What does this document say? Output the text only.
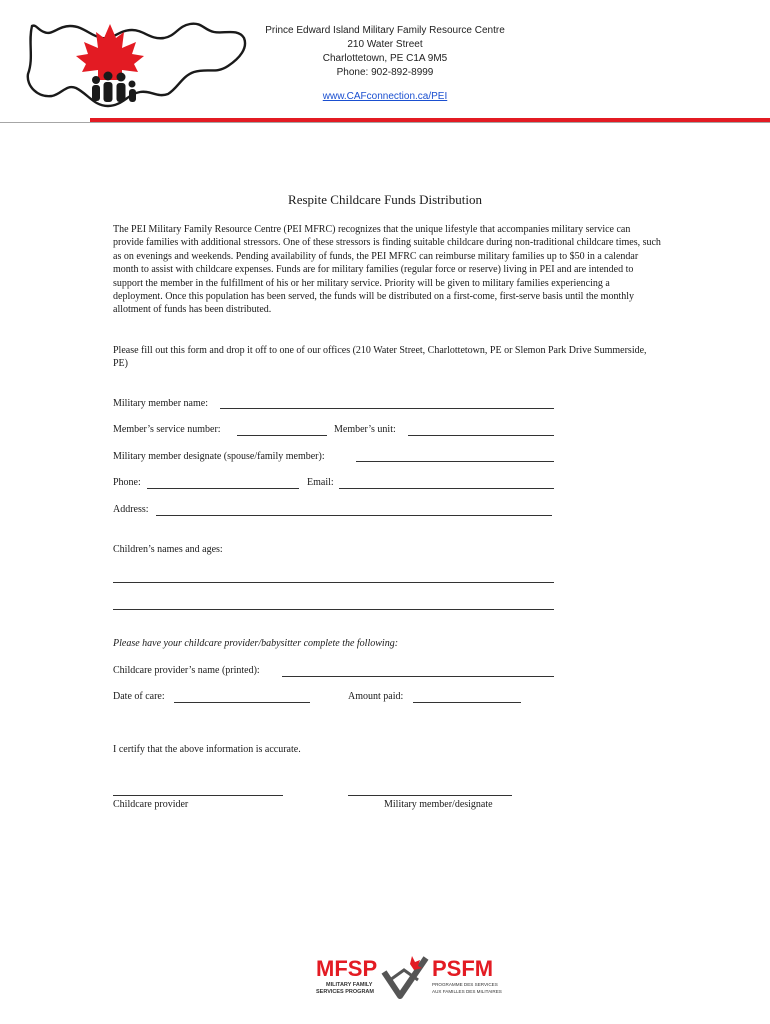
Prince Edward Island Military Family Resource Centre
210 Water Street
Charlottetown, PE C1A 9M5
Phone: 902-892-8999
www.CAFconnection.ca/PEI
Respite Childcare Funds Distribution
The PEI Military Family Resource Centre (PEI MFRC) recognizes that the unique lifestyle that accompanies military service can provide families with additional stressors. One of these stressors is finding suitable childcare during non-traditional childcare times, such as on evenings and weekends. Pending availability of funds, the PEI MFRC can reimburse military families up to $50 in a calendar month to assist with childcare expenses. Funds are for military families (regular force or reserve) living in PEI and are intended to support the member in the fulfillment of his or her military service. Priority will be given to military families experiencing a deployment. Once this population has been served, the funds will be distributed on a first-come, first-serve basis until the monthly allotment of funds has been distributed.
Please fill out this form and drop it off to one of our offices (210 Water Street, Charlottetown, PE or Slemon Park Drive Summerside, PE)
Military member name:
Member’s service number:	Member’s unit:
Military member designate (spouse/family member):
Phone:	Email:
Address:
Children’s names and ages:
Please have your childcare provider/babysitter complete the following:
Childcare provider’s name (printed):
Date of care:	Amount paid:
I certify that the above information is accurate.
Childcare provider	Military member/designate
MFSP
MILITARY FAMILY
SERVICES PROGRAM
PSFM
PROGRAMME DES SERVICES
AUX FAMILLES DES MILITAIRES
